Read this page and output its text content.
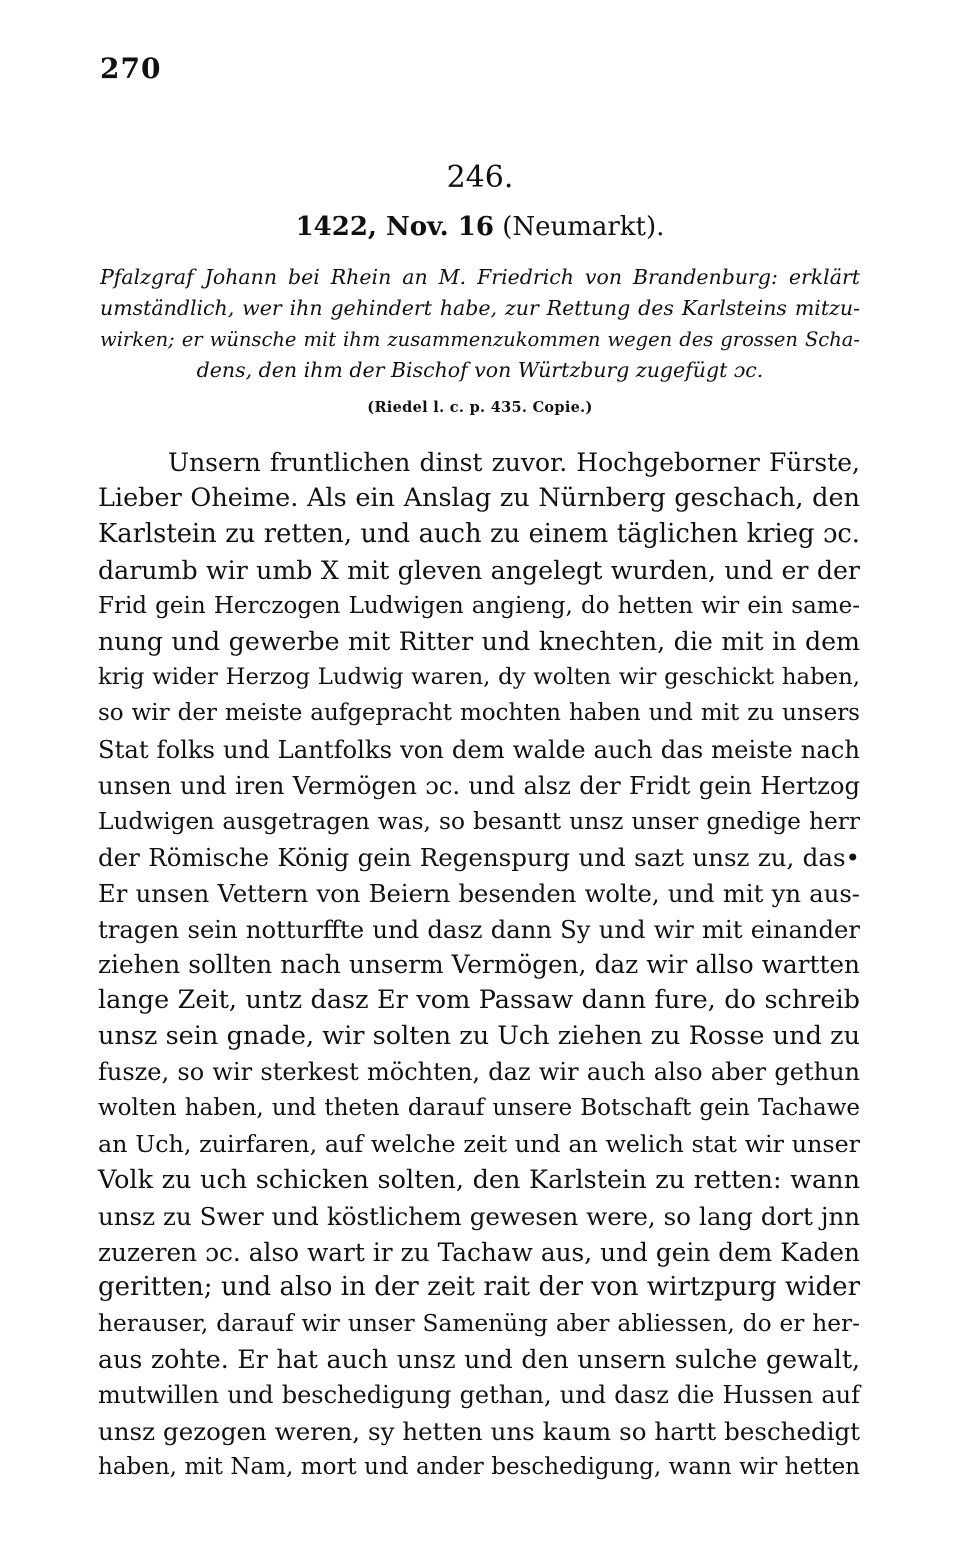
270
246.
1422, Nov. 16 (Neumarkt).
Pfalzgraf Johann bei Rhein an M. Friedrich von Brandenburg: erklärt
umständlich, wer ihn gehindert habe, zur Rettung des Karlsteins mitzu-
wirken; er wünsche mit ihm zusammenzukommen wegen des grossen Scha-
dens, den ihm der Bischof von Würtzburg zugefügt ɔc.
(Riedel l. c. p. 435. Copie.)
Unsern fruntlichen dinst zuvor. Hochgeborner Fürste,
Lieber Oheime. Als ein Anslag zu Nürnberg geschach, den
Karlstein zu retten, und auch zu einem täglichen krieg ɔc.
darumb wir umb X mit gleven angelegt wurden, und er der
Frid gein Herczogen Ludwigen angieng, do hetten wir ein same-
nung und gewerbe mit Ritter und knechten, die mit in dem
krig wider Herzog Ludwig waren, dy wolten wir geschickt haben,
so wir der meiste aufgepracht mochten haben und mit zu unsers
Stat folks und Lantfolks von dem walde auch das meiste nach
unsen und iren Vermögen ɔc. und alsz der Fridt gein Hertzog
Ludwigen ausgetragen was, so besantt unsz unser gnedige herr
der Römische König gein Regenspurg und sazt unsz zu, das•
Er unsen Vettern von Beiern besenden wolte, und mit yn aus-
tragen sein notturffte und dasz dann Sy und wir mit einander
ziehen sollten nach unserm Vermögen, daz wir allso wartten
lange Zeit, untz dasz Er vom Passaw dann fure, do schreib
unsz sein gnade, wir solten zu Uch ziehen zu Rosse und zu
fusze, so wir sterkest möchten, daz wir auch also aber gethun
wolten haben, und theten darauf unsere Botschaft gein Tachawe
an Uch, zuirfaren, auf welche zeit und an welich stat wir unser
Volk zu uch schicken solten, den Karlstein zu retten: wann
unsz zu Swer und köstlichem gewesen were, so lang dort jnn
zuzeren ɔc. also wart ir zu Tachaw aus, und gein dem Kaden
geritten; und also in der zeit rait der von wirtzpurg wider
herauser, darauf wir unser Samenüng aber abliessen, do er her-
aus zohte. Er hat auch unsz und den unsern sulche gewalt,
mutwillen und beschedigung gethan, und dasz die Hussen auf
unsz gezogen weren, sy hetten uns kaum so hartt beschedigt
haben, mit Nam, mort und ander beschedigung, wann wir hetten
